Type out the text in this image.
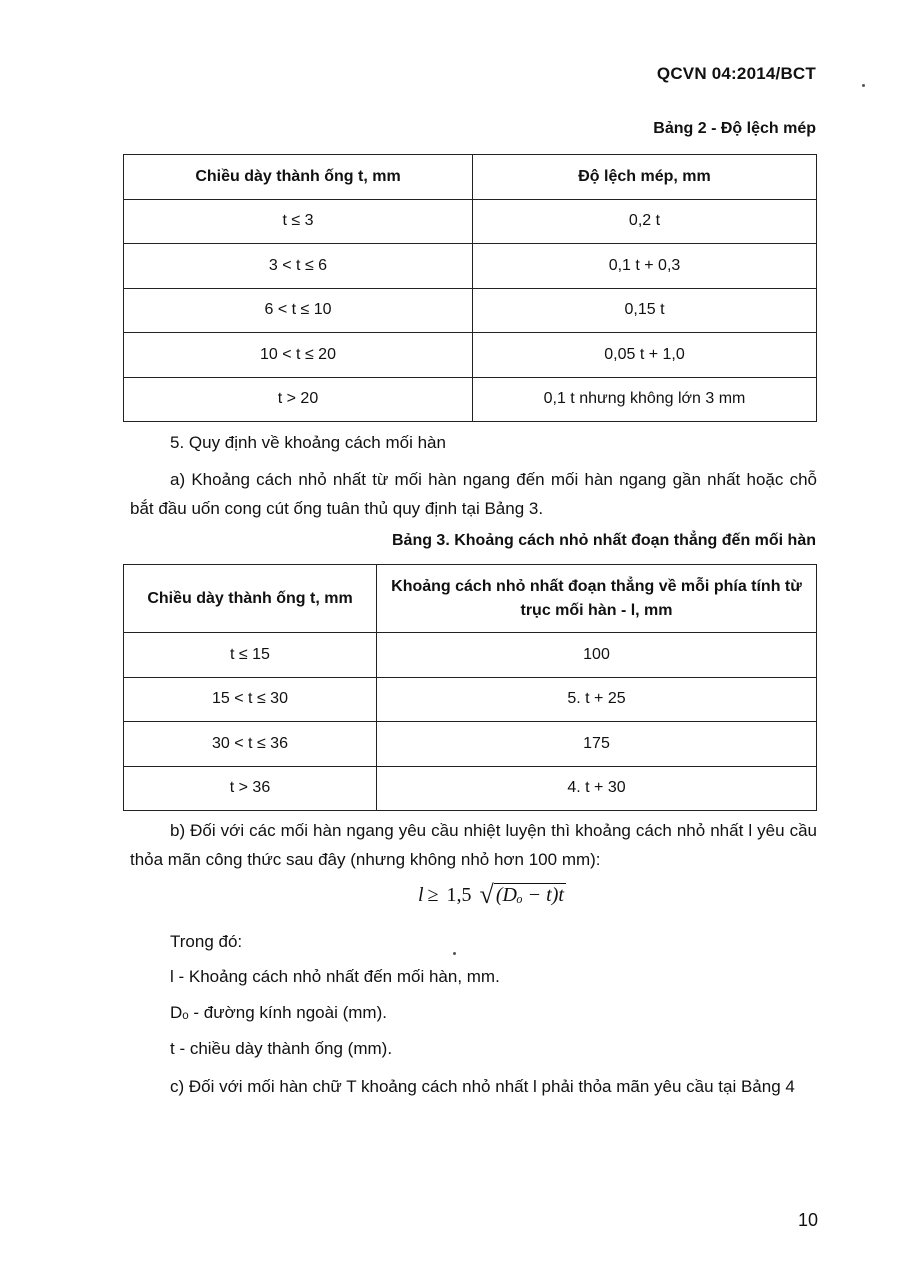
QCVN 04:2014/BCT
Bảng 2 - Độ lệch mép
Chiều dày thành ống t, mm	Độ lệch mép, mm
t ≤ 3	0,2 t
3 < t ≤ 6	0,1 t + 0,3
6 < t ≤ 10	0,15 t
10 < t ≤ 20	0,05 t + 1,0
t > 20	0,1 t nhưng không lớn 3 mm

5. Quy định về khoảng cách mối hàn

a) Khoảng cách nhỏ nhất từ mối hàn ngang đến mối hàn ngang gần nhất hoặc chỗ bắt đầu uốn cong cút ống tuân thủ quy định tại Bảng 3.

Bảng 3. Khoảng cách nhỏ nhất đoạn thẳng đến mối hàn
Chiều dày thành ống t, mm	Khoảng cách nhỏ nhất đoạn thẳng về mỗi phía tính từ trục mối hàn - l, mm
t ≤ 15	100
15 < t ≤ 30	5. t + 25
30 < t ≤ 36	175
t > 36	4. t + 30

b) Đối với các mối hàn ngang yêu cầu nhiệt luyện thì khoảng cách nhỏ nhất l yêu cầu thỏa mãn công thức sau đây (nhưng không nhỏ hơn 100 mm):

l ≥ 1,5 √ (Dₒ − t)t

Trong đó:

l - Khoảng cách nhỏ nhất đến mối hàn, mm.

Dₒ - đường kính ngoài (mm).

t - chiều dày thành ống (mm).

c) Đối với mối hàn chữ T khoảng cách nhỏ nhất l phải thỏa mãn yêu cầu tại Bảng 4

10
